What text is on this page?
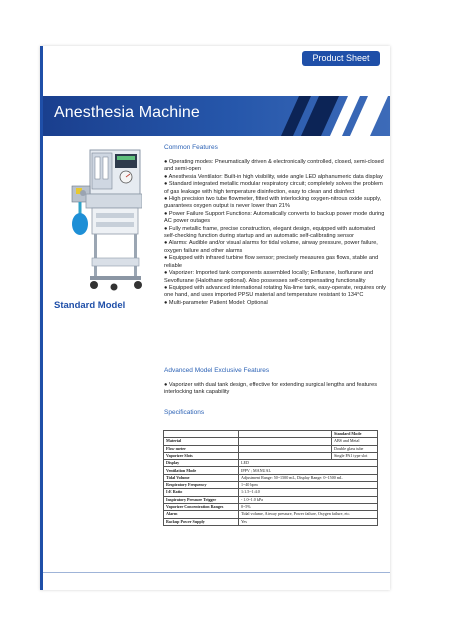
Product Sheet
Anesthesia Machine
Standard Model
Common Features

● Operating modes: Pneumatically driven & electronically controlled, closed, semi-closed and semi-open

● Anesthesia Ventilator: Built-in high visibility, wide angle LED alphanumeric data display

● Standard integrated metallic modular respiratory circuit; completely solves the problem of gas leakage with high temperature disinfection, easy to clean and disinfect

● High precision two tube flowmeter, fitted with interlocking oxygen-nitrous oxide supply, guarantees oxygen output is never lower than 21%

● Power Failure Support Functions: Automatically converts to backup power mode during AC power outages

● Fully metallic frame, precise construction, elegant design, equipped with automated self-checking function during startup and an automatic self-calibrating sensor

● Alarms: Audible and/or visual alarms for tidal volume, airway pressure, power failure, oxygen failure and other alarms

● Equipped with infrared turbine flow sensor; precisely measures gas flows, stable and reliable

● Vaporizer: Imported tank components assembled locally; Enflurane, Isoflurane and Sevoflurane (Halothane optional). Also possesses self-compensating functionality

● Equipped with advanced international rotating Na-lime tank, easy-operate, requires only one hand, and uses imported PPSU material and temperature resistant to 134°C

● Multi-parameter Patient Model: Optional

Advanced Model Exclusive Features

● Vaporizer with dual tank design, effective for extending surgical lengths and features interlocking tank capability

Specifications
		Standard Mode
Material		ABS and Metal
Flow meter		Double glass tube
Vaporizer Slots		Single PA1 type slot
Display	LED	
Ventilation Mode	IPPV ; MANUAL	
Tidal Volume	Adjustment Range: 50~1500 mL, Display Range: 0~1500 mL	
Respiratory Frequency	1~40 bpm	
I:E Ratio	1:1.5~1:4.0	
Inspiratory Pressure Trigger	- 1.0~1.0 kPa	
Vaporizer Concentration Ranges	0~5%	
Alarm	Tidal volume, Airway pressure, Power failure, Oxygen failure, etc.	
Backup Power Supply	Yes	
